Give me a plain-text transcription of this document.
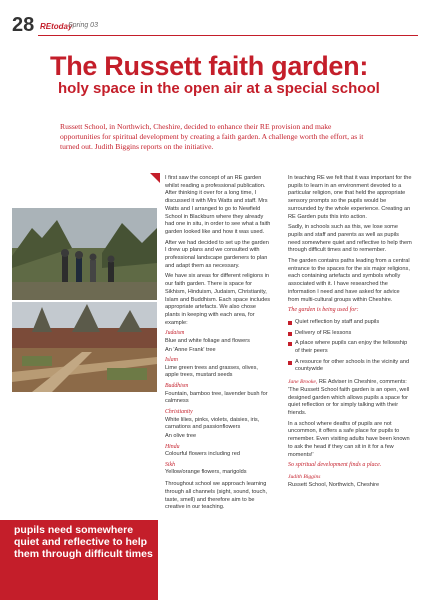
28 REtoday
Spring 03
The Russett faith garden:
holy space in the open air at a special school
Russett School, in Northwich, Cheshire, decided to enhance their RE provision and make opportunities for spiritual development by creating a faith garden. A challenge worth the effort, as it turned out. Judith Biggins reports on the initiative.
pupils need somewhere quiet and reflective to help them through difficult times

I first saw the concept of an RE garden whilst reading a professional publication. After thinking it over for a long time, I discussed it with Mrs Watts and staff. Mrs Watts and I arranged to go to Newfield School in Blackburn where they already had one in situ, in order to see what a faith garden looked like and how it was used.

After we had decided to set up the garden I drew up plans and we consulted with professional landscape gardeners to plan and adapt them as necessary.

We have six areas for different religions in our faith garden. There is space for Sikhism, Hinduism, Judaism, Christianity, Islam and Buddhism. Each space includes appropriate artefacts. We also chose plants in keeping with each area, for example:

Judaism
Blue and white foliage and flowers
An 'Anne Frank' tree
Islam
Lime green trees and grasses, olives, apple trees, mustard seeds
Buddhism
Fountain, bamboo tree, lavender bush for calmness
Christianity
White lilies, pinks, violets, daisies, iris, carnations and passionflowers
An olive tree
Hindu
Colourful flowers including red
Sikh
Yellow/orange flowers, marigolds

Throughout school we approach learning through all channels (sight, sound, touch, taste, smell) and therefore aim to be creative in our teaching.

In teaching RE we felt that it was important for the pupils to learn in an environment devoted to a particular religion, one that held the appropriate sensory prompts so the pupils would be surrounded by the whole experience. Creating an RE Garden puts this into action.

Sadly, in schools such as this, we lose some pupils and staff and parents as well as pupils need somewhere quiet and reflective to help them through difficult times and to remember.

The garden contains paths leading from a central entrance to the spaces for the six major religions, each containing artefacts and symbols wholly associated with it. I have researched the information I need and have asked for advice from multi-cultural groups within Cheshire.

The garden is being used for:
Quiet reflection by staff and pupils
Delivery of RE lessons
A place where pupils can enjoy the fellowship of their peers
A resource for other schools in the vicinity and countywide

Jane Brooke, RE Adviser in Cheshire, comments: 'The Russett School faith garden is an open, well designed garden which allows pupils a space for quiet reflection or for simply talking with their friends.

In a school where deaths of pupils are not uncommon, it offers a safe place for pupils to remember. Even visiting adults have been known to ask the head if they can sit in it for a few moments!'

So spiritual development finds a place.
Judith Biggins
Russett School, Northwich, Cheshire
